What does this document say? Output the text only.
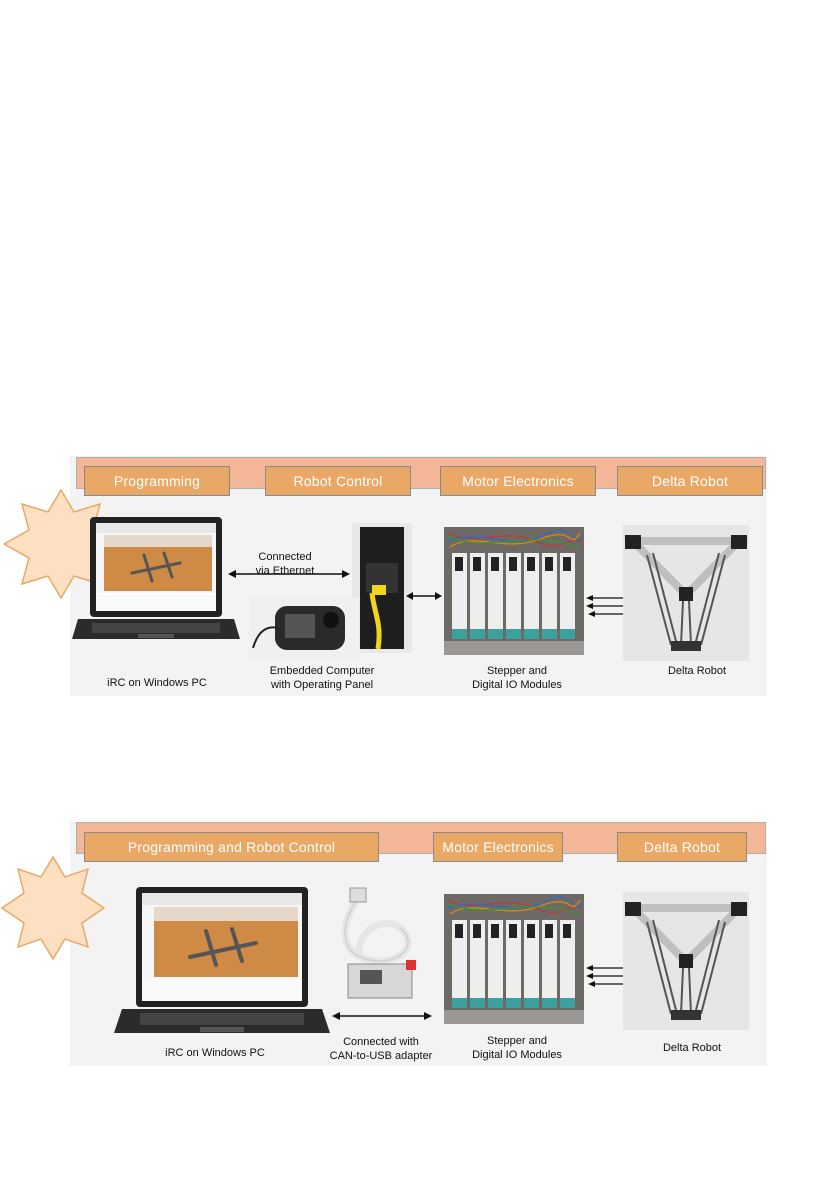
Programming	Robot Control	Motor Electronics	Delta Robot
Connected
via Ethernet
Embedded Computer
with Operating Panel
Stepper and
Digital IO Modules
Delta Robot
iRC on Windows PC
Programming and Robot Control	Motor Electronics	Delta Robot
Connected with
CAN-to-USB adapter
Stepper and
Digital IO Modules
Delta Robot
iRC on Windows PC
